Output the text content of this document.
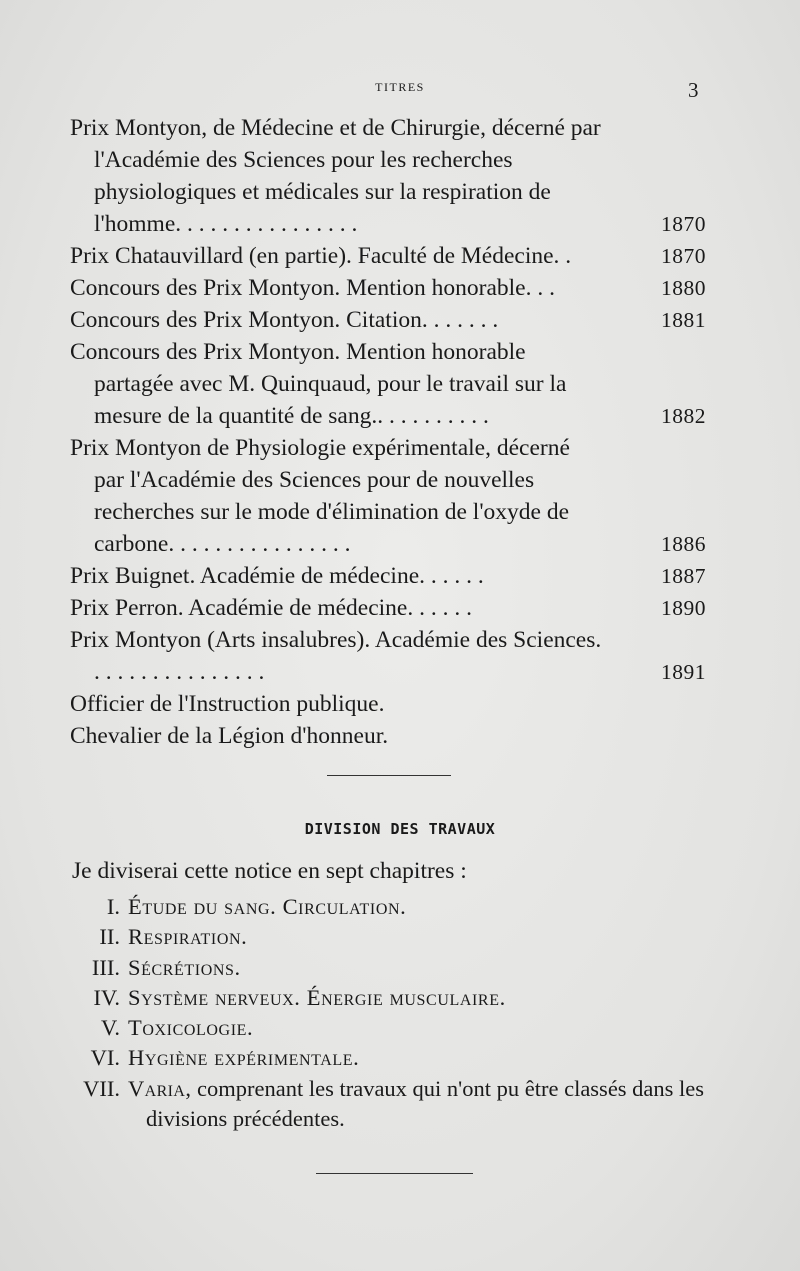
TITRES	3
Prix Montyon, de Médecine et de Chirurgie, décerné par l'Académie des Sciences pour les recherches physiologiques et médicales sur la respiration de l'homme. . . . . . . . . . . . . . . .	1870
Prix Chatauvillard (en partie). Faculté de Médecine. .	1870
Concours des Prix Montyon. Mention honorable. . .	1880
Concours des Prix Montyon. Citation. . . . . . .	1881
Concours des Prix Montyon. Mention honorable partagée avec M. Quinquaud, pour le travail sur la mesure de la quantité de sang.. . . . . . . . . .	1882
Prix Montyon de Physiologie expérimentale, décerné par l'Académie des Sciences pour de nouvelles recherches sur le mode d'élimination de l'oxyde de carbone. . . . . . . . . . . . . . . .	1886
Prix Buignet. Académie de médecine. . . . . .	1887
Prix Perron. Académie de médecine. . . . . .	1890
Prix Montyon (Arts insalubres). Académie des Sciences. . . . . . . . . . . . . . . .	1891
Officier de l'Instruction publique.
Chevalier de la Légion d'honneur.
DIVISION DES TRAVAUX
Je diviserai cette notice en sept chapitres :
I. Étude du sang. Circulation.
II. Respiration.
III. Sécrétions.
IV. Système nerveux. Énergie musculaire.
V. Toxicologie.
VI. Hygiène expérimentale.
VII. Varia, comprenant les travaux qui n'ont pu être classés dans les divisions précédentes.
